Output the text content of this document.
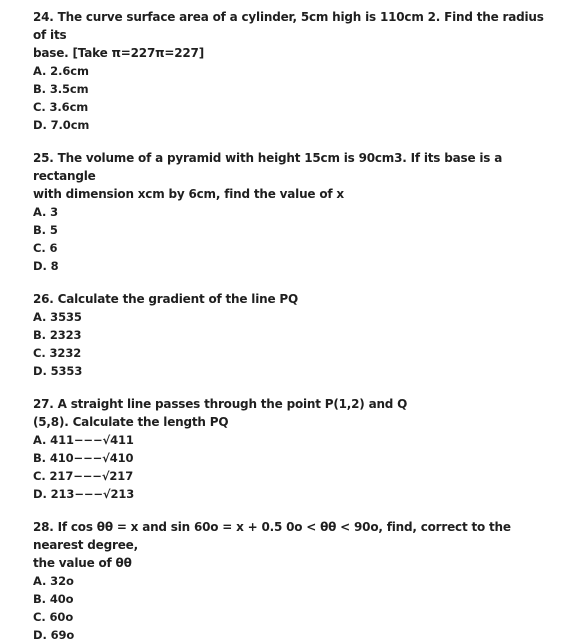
24. The curve surface area of a cylinder, 5cm high is 110cm 2. Find the radius of its
base. [Take π=227π=227]

A. 2.6cm

B. 3.5cm

C. 3.6cm

D. 7.0cm

25. The volume of a pyramid with height 15cm is 90cm3. If its base is a rectangle
with dimension xcm by 6cm, find the value of x

A. 3

B. 5

C. 6

D. 8

26. Calculate the gradient of the line PQ

A. 3535

B. 2323

C. 3232

D. 5353

27. A straight line passes through the point P(1,2) and Q
(5,8). Calculate the length PQ

A. 411−−−√411

B. 410−−−√410

C. 217−−−√217

D. 213−−−√213

28. If cos θθ = x and sin 60o = x + 0.5 0o < θθ < 90o, find, correct to the nearest degree,
the value of θθ

A. 32o

B. 40o

C. 60o

D. 69o
